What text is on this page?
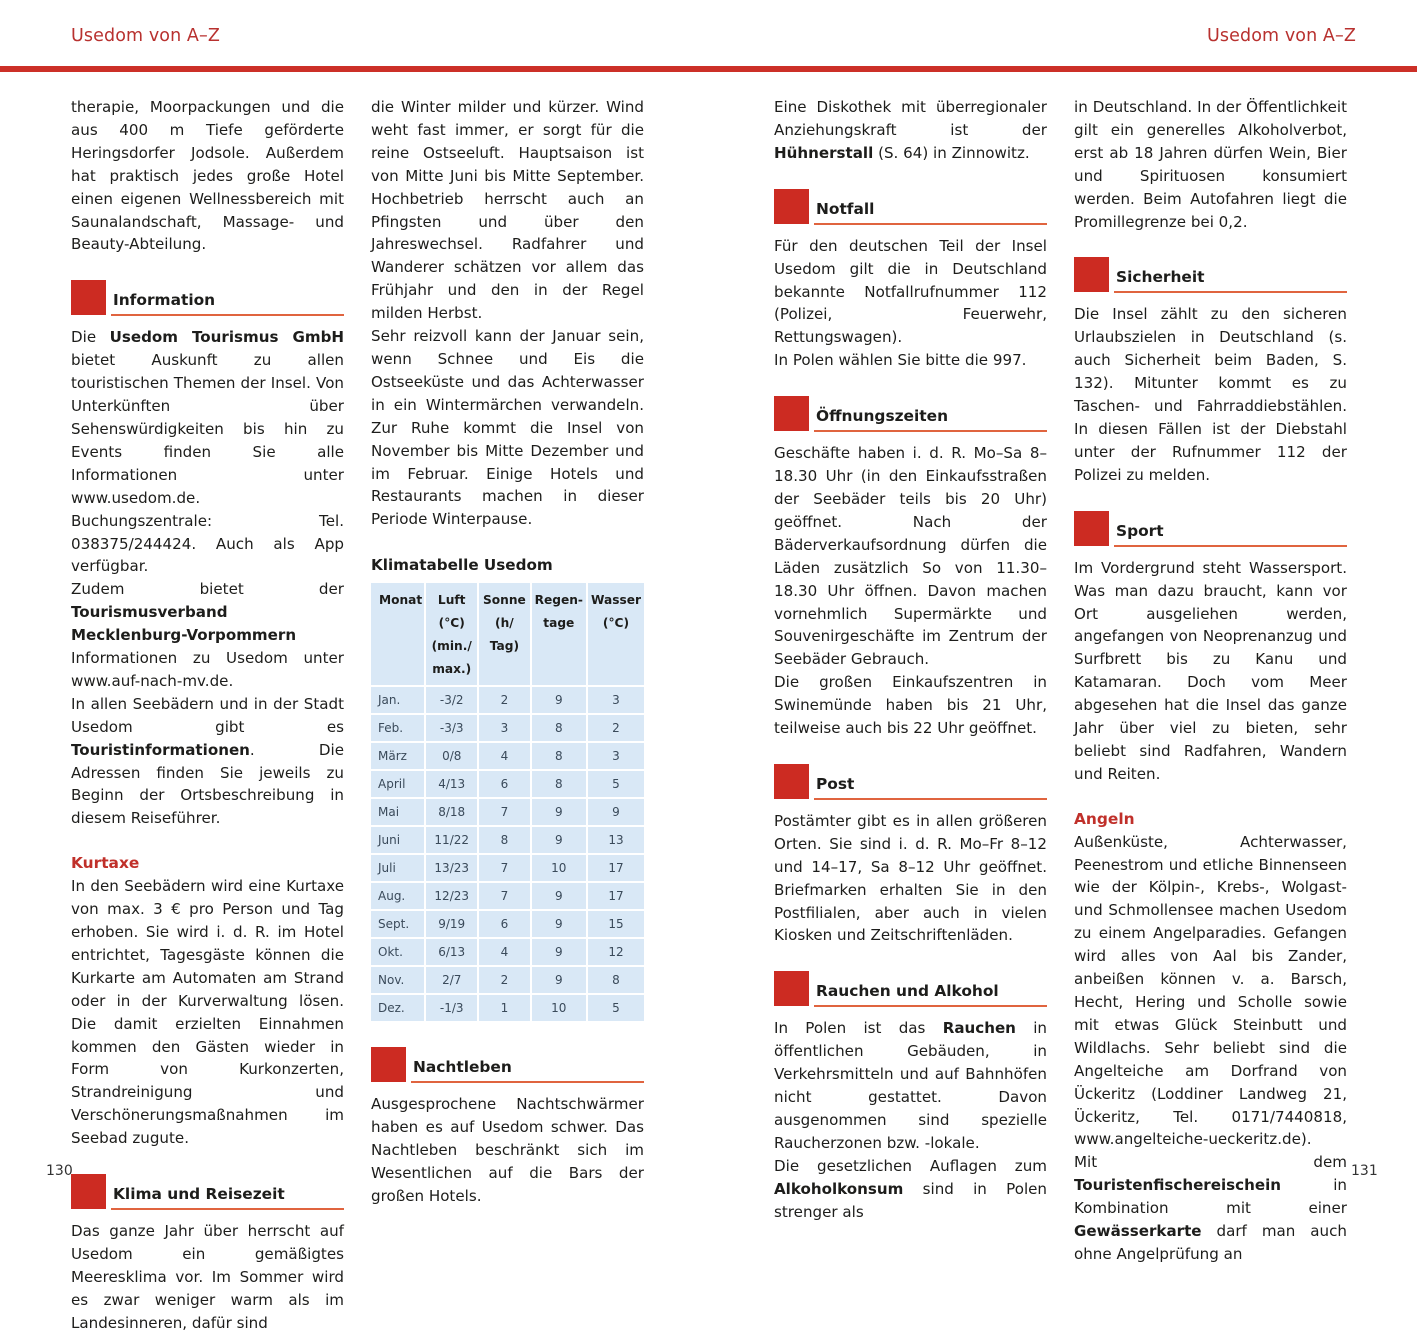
Usedom von A–Z	Usedom von A–Z

therapie, Moorpackungen und die aus 400 m Tiefe geförderte Heringsdorfer Jodsole. Außerdem hat praktisch jedes große Hotel einen eigenen Wellnessbereich mit Saunalandschaft, Massage- und Beauty-Abteilung.

Information

Die Usedom Tourismus GmbH bietet Auskunft zu allen touristischen Themen der Insel. Von Unterkünften über Sehenswürdigkeiten bis hin zu Events finden Sie alle Informationen unter www.usedom.de. Buchungszentrale: Tel. 038375/244424. Auch als App verfügbar.

Zudem bietet der Tourismusverband Mecklenburg-Vorpommern Informationen zu Usedom unter www.auf-nach-mv.de.

In allen Seebädern und in der Stadt Usedom gibt es Touristinformationen. Die Adressen finden Sie jeweils zu Beginn der Ortsbeschreibung in diesem Reiseführer.

Kurtaxe

In den Seebädern wird eine Kurtaxe von max. 3 € pro Person und Tag erhoben. Sie wird i. d. R. im Hotel entrichtet, Tagesgäste können die Kurkarte am Automaten am Strand oder in der Kurverwaltung lösen. Die damit erzielten Einnahmen kommen den Gästen wieder in Form von Kurkonzerten, Strandreinigung und Verschönerungsmaßnahmen im Seebad zugute.

Klima und Reisezeit

Das ganze Jahr über herrscht auf Usedom ein gemäßigtes Meeresklima vor. Im Sommer wird es zwar weniger warm als im Landesinneren, dafür sind

die Winter milder und kürzer. Wind weht fast immer, er sorgt für die reine Ostseeluft. Hauptsaison ist von Mitte Juni bis Mitte September. Hochbetrieb herrscht auch an Pfingsten und über den Jahreswechsel. Radfahrer und Wanderer schätzen vor allem das Frühjahr und den in der Regel milden Herbst.

Sehr reizvoll kann der Januar sein, wenn Schnee und Eis die Ostseeküste und das Achterwasser in ein Wintermärchen verwandeln. Zur Ruhe kommt die Insel von November bis Mitte Dezember und im Februar. Einige Hotels und Restaurants machen in dieser Periode Winterpause.

Klimatabelle Usedom
Monat	Luft (°C) (min./ max.)	Sonne (h/ Tag)	Regen-tage	Wasser (°C)
Jan.	-3/2	2	9	3
Feb.	-3/3	3	8	2
März	0/8	4	8	3
April	4/13	6	8	5
Mai	8/18	7	9	9
Juni	11/22	8	9	13
Juli	13/23	7	10	17
Aug.	12/23	7	9	17
Sept.	9/19	6	9	15
Okt.	6/13	4	9	12
Nov.	2/7	2	9	8
Dez.	-1/3	1	10	5
Nachtleben

Ausgesprochene Nachtschwärmer haben es auf Usedom schwer. Das Nachtleben beschränkt sich im Wesentlichen auf die Bars der großen Hotels.

Eine Diskothek mit überregionaler Anziehungskraft ist der Hühnerstall (S. 64) in Zinnowitz.

Notfall

Für den deutschen Teil der Insel Usedom gilt die in Deutschland bekannte Notfallrufnummer 112 (Polizei, Feuerwehr, Rettungswagen).

In Polen wählen Sie bitte die 997.

Öffnungszeiten

Geschäfte haben i. d. R. Mo–Sa 8–18.30 Uhr (in den Einkaufsstraßen der Seebäder teils bis 20 Uhr) geöffnet. Nach der Bäderverkaufsordnung dürfen die Läden zusätzlich So von 11.30–18.30 Uhr öffnen. Davon machen vornehmlich Supermärkte und Souvenirgeschäfte im Zentrum der Seebäder Gebrauch.

Die großen Einkaufszentren in Swinemünde haben bis 21 Uhr, teilweise auch bis 22 Uhr geöffnet.

Post

Postämter gibt es in allen größeren Orten. Sie sind i. d. R. Mo–Fr 8–12 und 14–17, Sa 8–12 Uhr geöffnet. Briefmarken erhalten Sie in den Postfilialen, aber auch in vielen Kiosken und Zeitschriftenläden.

Rauchen und Alkohol

In Polen ist das Rauchen in öffentlichen Gebäuden, in Verkehrsmitteln und auf Bahnhöfen nicht gestattet. Davon ausgenommen sind spezielle Raucherzonen bzw. -lokale.

Die gesetzlichen Auflagen zum Alkoholkonsum sind in Polen strenger als

in Deutschland. In der Öffentlichkeit gilt ein generelles Alkoholverbot, erst ab 18 Jahren dürfen Wein, Bier und Spirituosen konsumiert werden. Beim Autofahren liegt die Promillegrenze bei 0,2.

Sicherheit

Die Insel zählt zu den sicheren Urlaubszielen in Deutschland (s. auch Sicherheit beim Baden, S. 132). Mitunter kommt es zu Taschen- und Fahrraddiebstählen. In diesen Fällen ist der Diebstahl unter der Rufnummer 112 der Polizei zu melden.

Sport

Im Vordergrund steht Wassersport. Was man dazu braucht, kann vor Ort ausgeliehen werden, angefangen von Neoprenanzug und Surfbrett bis zu Kanu und Katamaran. Doch vom Meer abgesehen hat die Insel das ganze Jahr über viel zu bieten, sehr beliebt sind Radfahren, Wandern und Reiten.

Angeln

Außenküste, Achterwasser, Peenestrom und etliche Binnenseen wie der Kölpin-, Krebs-, Wolgast- und Schmollensee machen Usedom zu einem Angelparadies. Gefangen wird alles von Aal bis Zander, anbeißen können v. a. Barsch, Hecht, Hering und Scholle sowie mit etwas Glück Steinbutt und Wildlachs. Sehr beliebt sind die Angelteiche am Dorfrand von Ückeritz (Loddiner Landweg 21, Ückeritz, Tel. 0171/7440818, www.angelteiche-ueckeritz.de).

Mit dem Touristenfischereischein in Kombination mit einer Gewässerkarte darf man auch ohne Angelprüfung an

130	131
